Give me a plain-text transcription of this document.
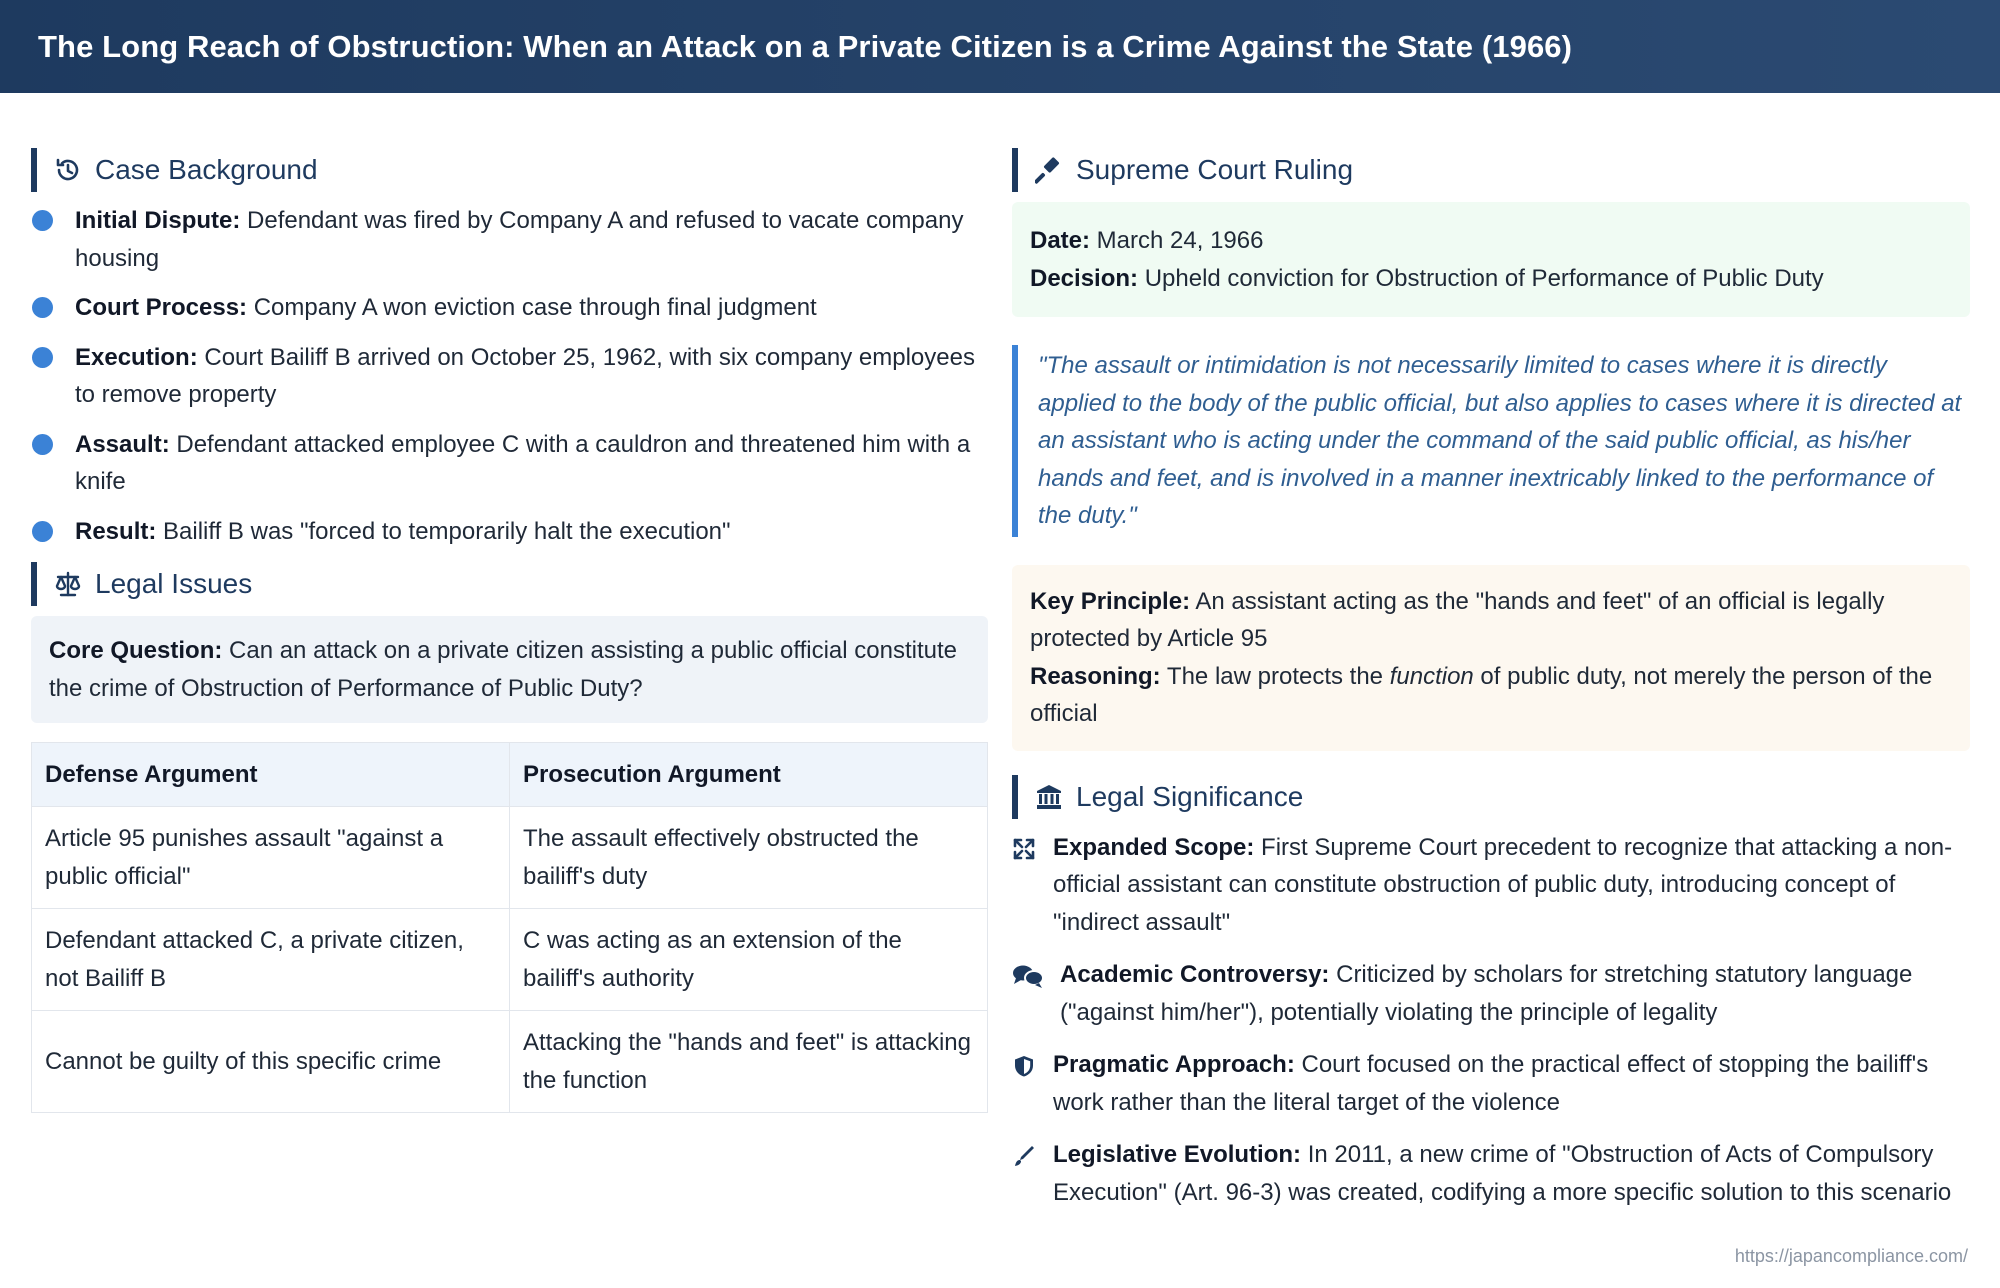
The Long Reach of Obstruction: When an Attack on a Private Citizen is a Crime Against the State (1966)
Case Background
Initial Dispute: Defendant was fired by Company A and refused to vacate company housing
Court Process: Company A won eviction case through final judgment
Execution: Court Bailiff B arrived on October 25, 1962, with six company employees to remove property
Assault: Defendant attacked employee C with a cauldron and threatened him with a knife
Result: Bailiff B was "forced to temporarily halt the execution"
Legal Issues
Core Question: Can an attack on a private citizen assisting a public official constitute the crime of Obstruction of Performance of Public Duty?
Defense Argument	Prosecution Argument
Article 95 punishes assault "against a public official"	The assault effectively obstructed the bailiff's duty
Defendant attacked C, a private citizen, not Bailiff B	C was acting as an extension of the bailiff's authority
Cannot be guilty of this specific crime	Attacking the "hands and feet" is attacking the function
Supreme Court Ruling
Date: March 24, 1966
Decision: Upheld conviction for Obstruction of Performance of Public Duty
"The assault or intimidation is not necessarily limited to cases where it is directly applied to the body of the public official, but also applies to cases where it is directed at an assistant who is acting under the command of the said public official, as his/her hands and feet, and is involved in a manner inextricably linked to the performance of the duty."
Key Principle: An assistant acting as the "hands and feet" of an official is legally protected by Article 95
Reasoning: The law protects the function of public duty, not merely the person of the official
Legal Significance
Expanded Scope: First Supreme Court precedent to recognize that attacking a non-official assistant can constitute obstruction of public duty, introducing concept of "indirect assault"
Academic Controversy: Criticized by scholars for stretching statutory language ("against him/her"), potentially violating the principle of legality
Pragmatic Approach: Court focused on the practical effect of stopping the bailiff's work rather than the literal target of the violence
Legislative Evolution: In 2011, a new crime of "Obstruction of Acts of Compulsory Execution" (Art. 96-3) was created, codifying a more specific solution to this scenario
https://japancompliance.com/
